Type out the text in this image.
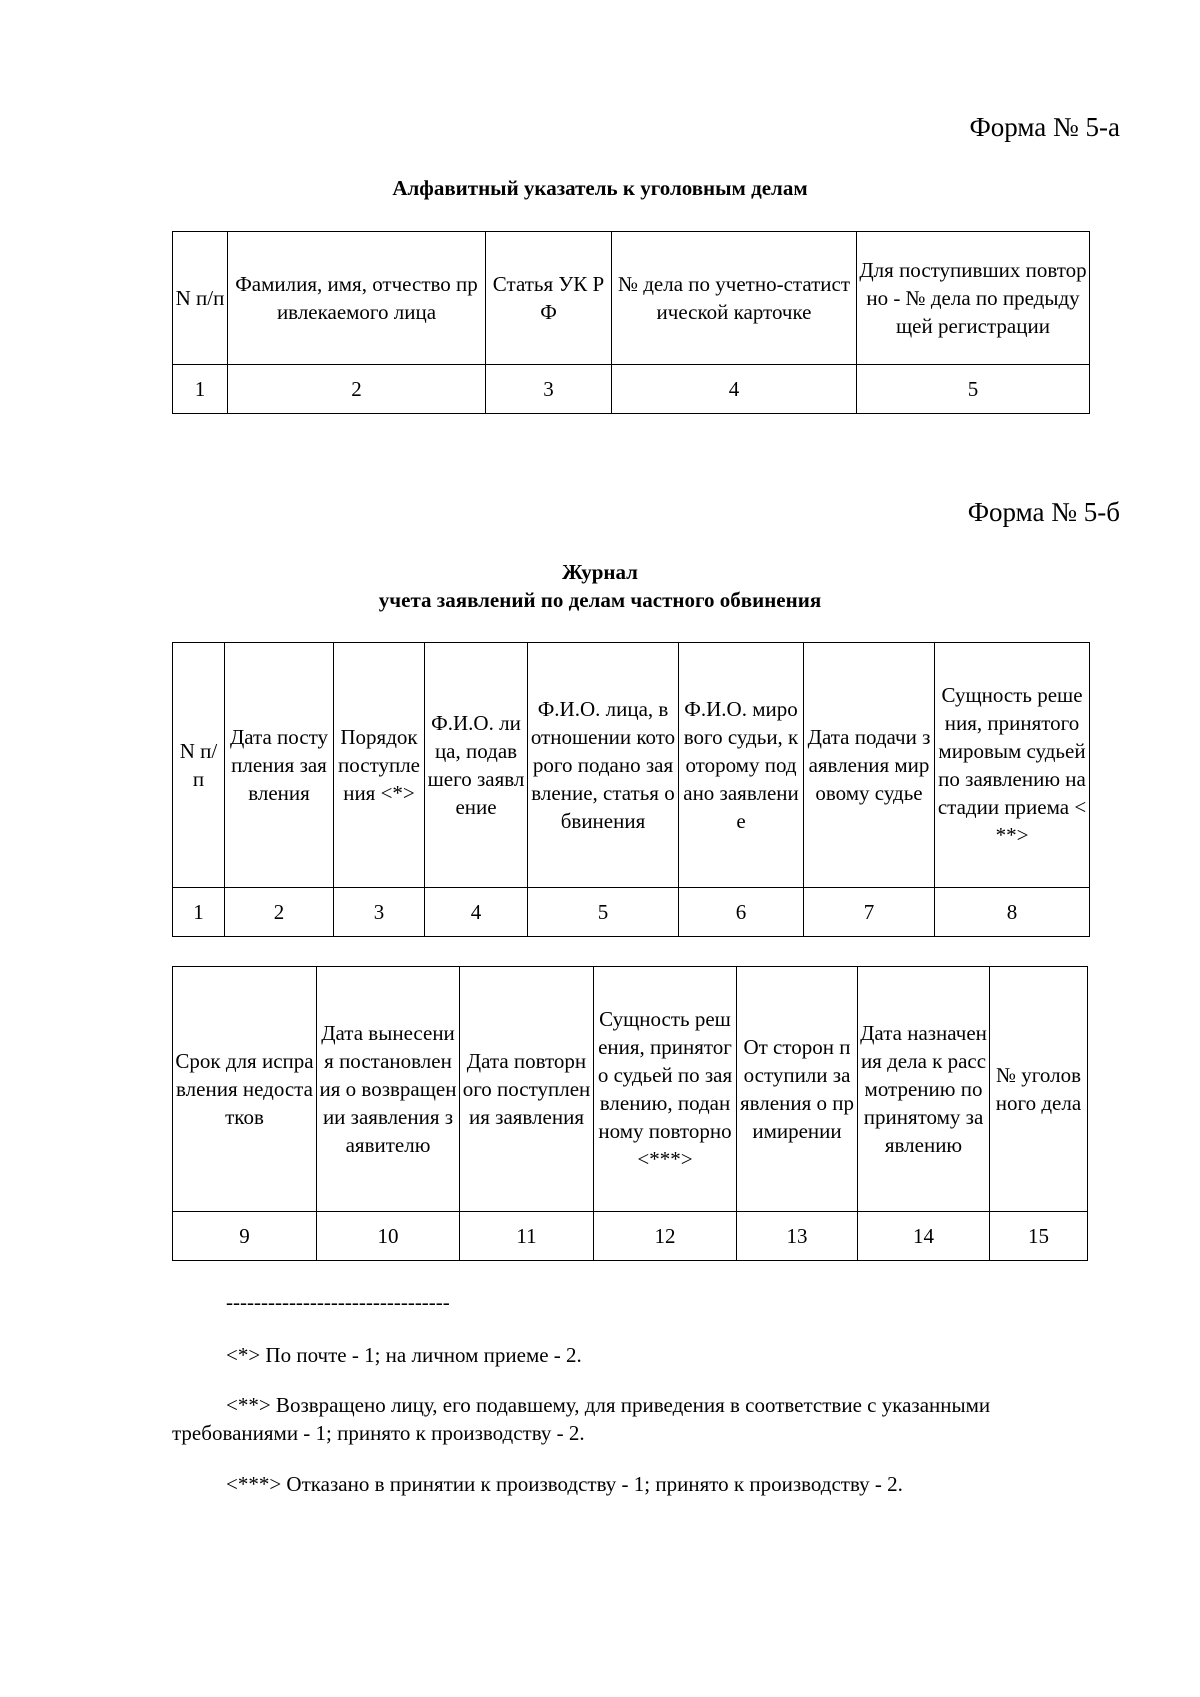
Форма № 5-а
Алфавитный указатель к уголовным делам
N п/п	Фамилия, имя, отчество привлекаемого лица	Статья УК РФ	№ дела по учетно-статистической карточке	Для поступивших повторно - № дела по предыдущей регистрации
1	2	3	4	5
Форма № 5-б
Журнал
учета заявлений по делам частного обвинения
N п/п	Дата поступления заявления	Порядок поступления <*>	Ф.И.О. лица, подавшего заявление	Ф.И.О. лица, в отношении которого подано заявление, статья обвинения	Ф.И.О. мирового судьи, которому подано заявление	Дата подачи заявления мировому судье	Сущность решения, принятого мировым судьей по заявлению на стадии приема <**>
1	2	3	4	5	6	7	8
Срок для исправления недостатков	Дата вынесения постановления о возвращении заявления заявителю	Дата повторного поступления заявления	Сущность решения, принятого судьей по заявлению, поданному повторно <***>	От сторон поступили заявления о примирении	Дата назначения дела к рассмотрению по принятому заявлению	№ уголовного дела
9	10	11	12	13	14	15
--------------------------------
<*> По почте - 1; на личном приеме - 2.
<**> Возвращено лицу, его подавшему, для приведения в соответствие с указанными требованиями - 1; принято к производству - 2.
<***> Отказано в принятии к производству - 1; принято к производству - 2.
